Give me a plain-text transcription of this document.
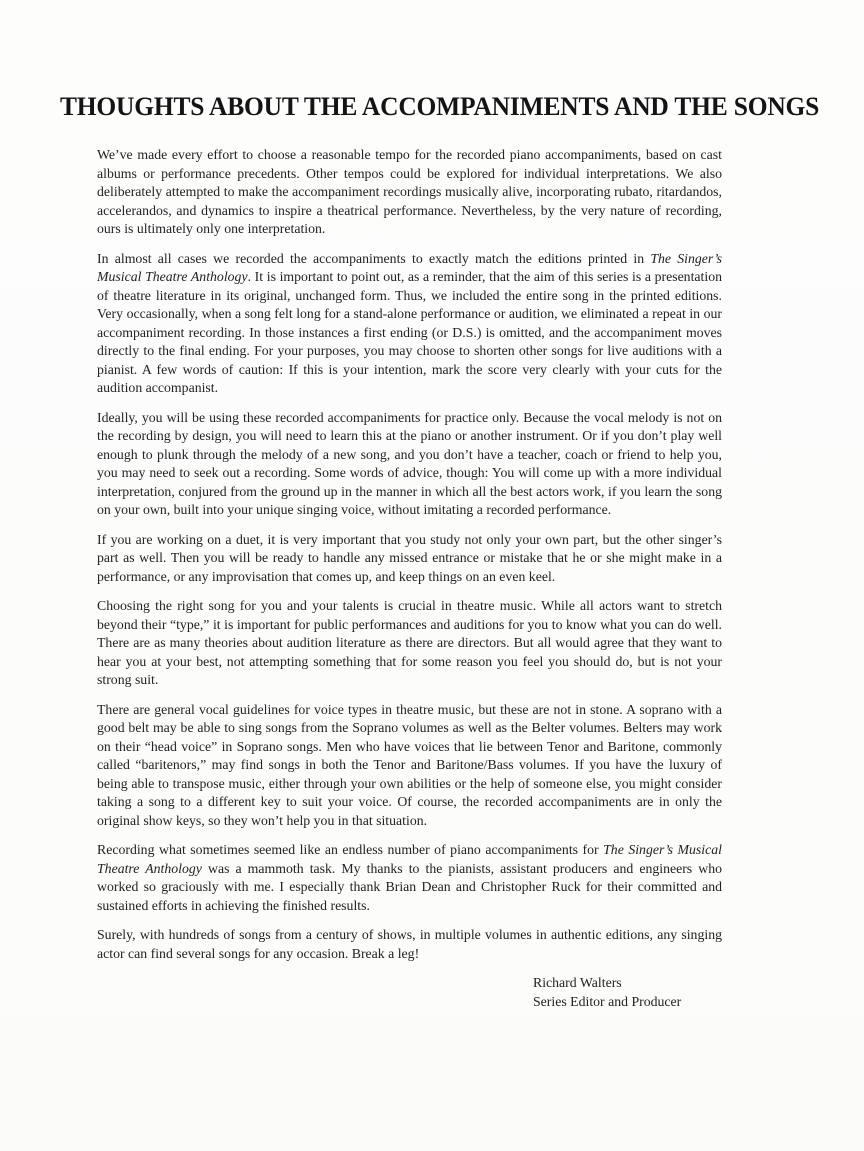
THOUGHTS ABOUT THE ACCOMPANIMENTS AND THE SONGS

We’ve made every effort to choose a reasonable tempo for the recorded piano accompaniments, based on cast albums or performance precedents. Other tempos could be explored for individual interpretations. We also deliberately attempted to make the accompaniment recordings musically alive, incorporating rubato, ritardandos, accelerandos, and dynamics to inspire a theatrical performance. Nevertheless, by the very nature of recording, ours is ultimately only one interpretation.

In almost all cases we recorded the accompaniments to exactly match the editions printed in The Singer’s Musical Theatre Anthology. It is important to point out, as a reminder, that the aim of this series is a presentation of theatre literature in its original, unchanged form. Thus, we included the entire song in the printed editions. Very occasionally, when a song felt long for a stand-alone performance or audition, we eliminated a repeat in our accompaniment recording. In those instances a first ending (or D.S.) is omitted, and the accompaniment moves directly to the final ending. For your purposes, you may choose to shorten other songs for live auditions with a pianist. A few words of caution: If this is your intention, mark the score very clearly with your cuts for the audition accompanist.

Ideally, you will be using these recorded accompaniments for practice only. Because the vocal melody is not on the recording by design, you will need to learn this at the piano or another instrument. Or if you don’t play well enough to plunk through the melody of a new song, and you don’t have a teacher, coach or friend to help you, you may need to seek out a recording. Some words of advice, though: You will come up with a more individual interpretation, conjured from the ground up in the manner in which all the best actors work, if you learn the song on your own, built into your unique singing voice, without imitating a recorded performance.

If you are working on a duet, it is very important that you study not only your own part, but the other singer’s part as well. Then you will be ready to handle any missed entrance or mistake that he or she might make in a performance, or any improvisation that comes up, and keep things on an even keel.

Choosing the right song for you and your talents is crucial in theatre music. While all actors want to stretch beyond their “type,” it is important for public performances and auditions for you to know what you can do well. There are as many theories about audition literature as there are directors. But all would agree that they want to hear you at your best, not attempting something that for some reason you feel you should do, but is not your strong suit.

There are general vocal guidelines for voice types in theatre music, but these are not in stone. A soprano with a good belt may be able to sing songs from the Soprano volumes as well as the Belter volumes. Belters may work on their “head voice” in Soprano songs. Men who have voices that lie between Tenor and Baritone, commonly called “baritenors,” may find songs in both the Tenor and Baritone/Bass volumes. If you have the luxury of being able to transpose music, either through your own abilities or the help of someone else, you might consider taking a song to a different key to suit your voice. Of course, the recorded accompaniments are in only the original show keys, so they won’t help you in that situation.

Recording what sometimes seemed like an endless number of piano accompaniments for The Singer’s Musical Theatre Anthology was a mammoth task. My thanks to the pianists, assistant producers and engineers who worked so graciously with me. I especially thank Brian Dean and Christopher Ruck for their committed and sustained efforts in achieving the finished results.

Surely, with hundreds of songs from a century of shows, in multiple volumes in authentic editions, any singing actor can find several songs for any occasion. Break a leg!

Richard Walters
Series Editor and Producer
